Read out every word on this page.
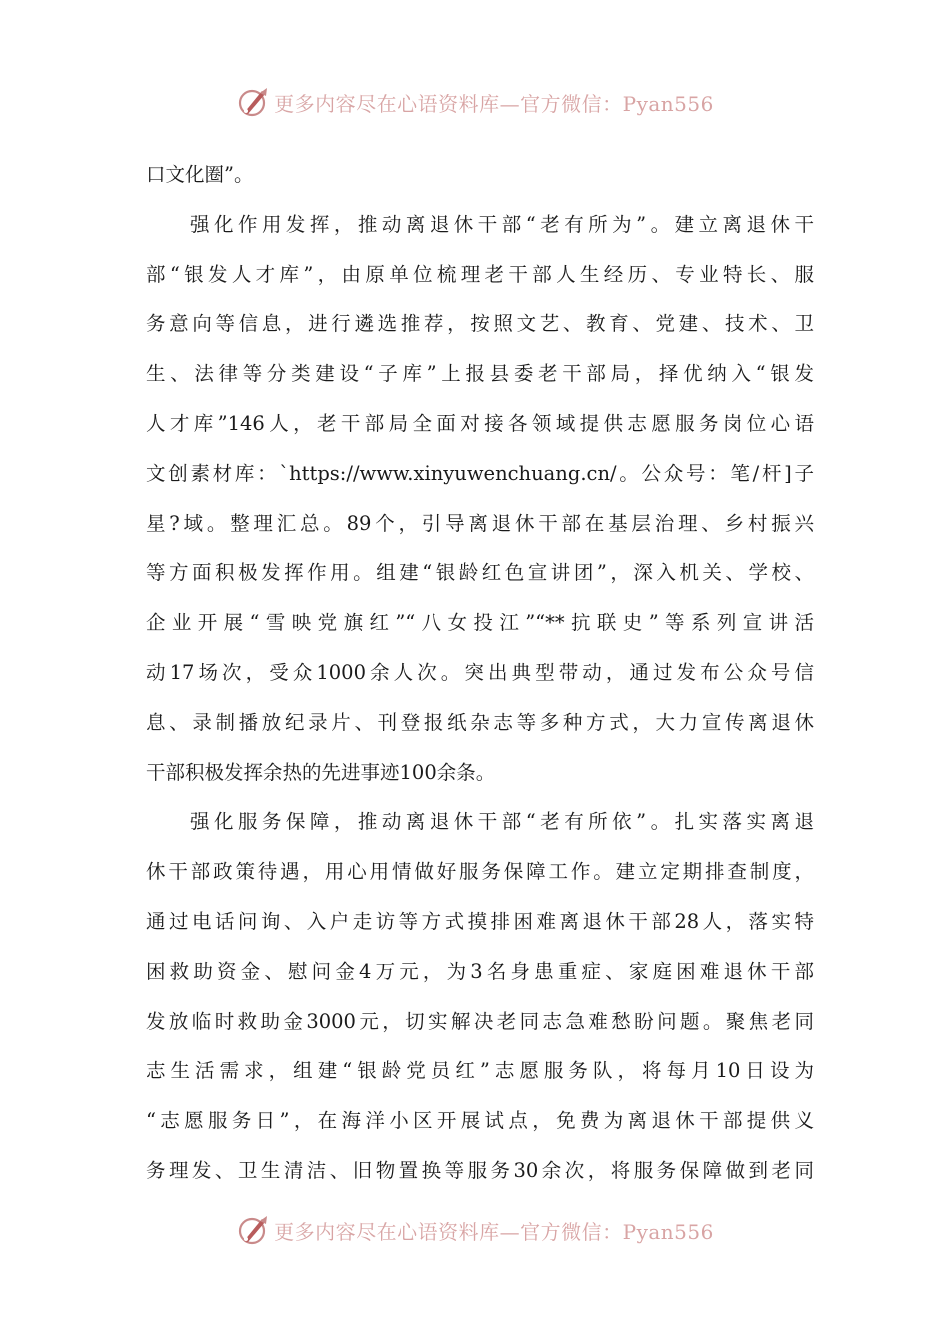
更多内容尽在心语资料库—官方微信：Pyan556
口文化圈”。
强化作用发挥，推动离退休干部“老有所为”。建立离退休干
部“银发人才库”，由原单位梳理老干部人生经历、专业特长、服
务意向等信息，进行遴选推荐，按照文艺、教育、党建、技术、卫
生、法律等分类建设“子库”上报县委老干部局，择优纳入“银发
人才库”146人，老干部局全面对接各领域提供志愿服务岗位心语
文创素材库：`https://www.xinyuwenchuang.cn/。公众号：笔/杆]子
星?域。整理汇总。89个，引导离退休干部在基层治理、乡村振兴
等方面积极发挥作用。组建“银龄红色宣讲团”，深入机关、学校、
企业开展“雪映党旗红”“八女投江”“**抗联史”等系列宣讲活
动17场次，受众1000余人次。突出典型带动，通过发布公众号信
息、录制播放纪录片、刊登报纸杂志等多种方式，大力宣传离退休
干部积极发挥余热的先进事迹100余条。
强化服务保障，推动离退休干部“老有所依”。扎实落实离退
休干部政策待遇，用心用情做好服务保障工作。建立定期排查制度，
通过电话问询、入户走访等方式摸排困难离退休干部28人，落实特
困救助资金、慰问金4万元，为3名身患重症、家庭困难退休干部
发放临时救助金3000元，切实解决老同志急难愁盼问题。聚焦老同
志生活需求，组建“银龄党员红”志愿服务队，将每月10日设为
“志愿服务日”，在海洋小区开展试点，免费为离退休干部提供义
务理发、卫生清洁、旧物置换等服务30余次，将服务保障做到老同
更多内容尽在心语资料库—官方微信：Pyan556
